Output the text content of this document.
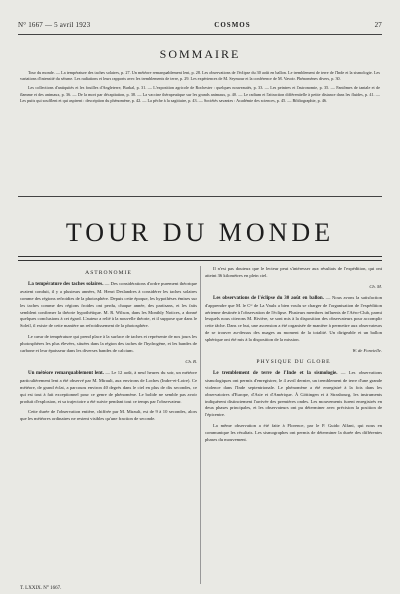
N° 1667 — 5 avril 1923	COSMOS	27
SOMMAIRE

Tour du monde. — La température des taches solaires, p. 27. Un météore remarquablement lent, p. 28. Les observations de l'éclipse du 30 août en ballon. Le tremblement de terre de l'Inde et la sismologie. Les variations d'intensité du séisme. Les radiations et leurs rapports avec les tremblements de terre, p. 29. Les expériences de M. Seymour et la conférence de M. Vavoir. Phénomènes divers, p. 30.

Les collections d'antiquités et les fouilles d'Angleterre, Burkal, p. 31. — L'exposition agricole de Rochester : quelques nouveautés, p. 33. — Les peintres et l'astronomie, p. 35. — Fantômes de tantale et de flamme et des animaux, p. 36. — De la mort par décapitation, p. 38. — La vaccine thérapeutique sur les grands animaux, p. 40. — Le radium et l'attraction différentielle à petite distance dans les fluides, p. 41. — Les puits qui soufflent et qui aspirent : description du phénomène, p. 42. — La pêche à la sagittaire, p. 43. — Sociétés savantes : Académie des sciences, p. 45. — Bibliographie, p. 46.

TOUR DU MONDE
ASTRONOMIE

La température des taches solaires. — Des considérations d'ordre purement théorique avaient conduit, il y a plusieurs années, M. Henri Deslandres à considérer les taches solaires comme des régions refroidies de la photosphère. Depuis cette époque, les hypothèses émises sur les taches comme des régions froides ont perdu, chaque année, des partisans, et les faits semblent confirmer la théorie hypothétique. M. R. Wilson, dans les Monthly Notices, a donné quelques conclusions à cet égard. L'auteur a relié à la nouvelle théorie, et il suppose que dans le Soleil, il existe de cette manière un refroidissement de la photosphère.

Le cœur de température qui prend place à la surface de taches et représente de nos jours les photosphères les plus élevées, situées dans la région des taches de l'hydrogène, et les bandes de carbone et leur épaisseur dans les diverses bandes de calcium.

Ch. B.

Un météore remarquablement lent. — Le 12 août, à neuf heures du soir, un météore particulièrement lent a été observé par M. Mirault, aux environs de Loches (Indre-et-Loire). Ce météore, de grand éclat, a parcouru environ 40 degrés dans le ciel en plus de dix secondes, ce qui est tout à fait exceptionnel pour ce genre de phénomène. Le bolide ne semble pas avoir produit d'explosion, et sa trajectoire a été suivie pendant tout ce temps par l'observateur.

Cette durée de l'observation entière, chiffrée par M. Mirault, est de 9 à 10 secondes, alors que les météores ordinaires ne restent visibles qu'une fraction de seconde.

Il n'est pas douteux que le lecteur peut s'intéresser aux résultats de l'expédition, qui ont atteint 36 kilomètres en plein ciel.

Ch. M.

Les observations de l'éclipse du 30 août en ballon. — Nous avons la satisfaction d'apprendre que M. le Cᵗᵉ de La Vaulx a bien voulu se charger de l'organisation de l'expédition aérienne destinée à l'observation de l'éclipse. Plusieurs membres influents de l'Aéro-Club, parmi lesquels nous citerons M. Rivière, se sont mis à la disposition des observateurs pour accomplir cette tâche. Dans ce but, une ascension a été organisée de manière à permettre aux observateurs de se trouver au-dessus des nuages au moment de la totalité. Un dirigeable et un ballon sphérique ont été mis à la disposition de la mission.

W. de Fonvielle.
PHYSIQUE DU GLOBE

Le tremblement de terre de l'Inde et la sismologie. — Les observations sismologiques ont permis d'enregistrer, le 4 avril dernier, un tremblement de terre d'une grande violence dans l'Inde septentrionale. Le phénomène a été enregistré à la fois dans les observatoires d'Europe, d'Asie et d'Amérique. À Göttingen et à Strasbourg, les instruments indiquèrent distinctement l'arrivée des premières ondes. Les mouvements furent enregistrés en deux phases principales, et les observateurs ont pu déterminer avec précision la position de l'épicentre.

La même observation a été faite à Florence, par le P. Guido Alfani, qui nous en communique les résultats. Les sismographes ont permis de déterminer la durée des différentes phases du mouvement.

T. LXXIX. N° 1667.
